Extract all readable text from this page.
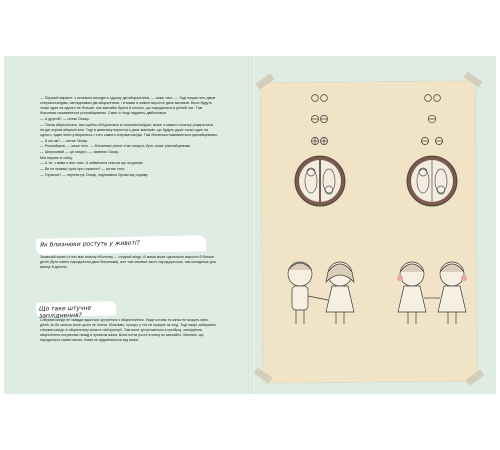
— Перший варіант: з печінкою виходить одразу дві яйцеклітини, — каже тато. — Тоді пощастить двом сперматозоїдам, запліднивши дві яйцеклітини, і в мами в животі виросте двоє малюків. Вони будуть схожі один на одного не більше, ніж звичайні брати й сестри, що народилися в різний час. Такі близнюки називаються різнояйцевими. Саме їх іноді надають двійнятами.

— А другий? — питає Оскар.

— Також яйцеклітина, яка щойно об'єдналася зі сперматозоїдом, може з самого початку розділитися на дві окремі яйцеклітини. Тоді в животику виростуть двоє малюків, що будуть дуже схожі один на одного, адже вони утворилися з того самого сперматозоїда. Такі близнюки називаються однояйцевими.

— А ми які? — питає Оскар.

— Різнояйцеві, — каже тато. — Близнюки різної статі можуть бути лише різнояйцевими.

— Шлунковий — це огидно, — заявляє Оскар.

Мія пирхає зі сміху.

— А ти, з вами я все таке. А займатися сексом ще огидніше.

— Ви не можеш чули про гормони? — питає тато.

— Гормони? — перепитує Оскар, піднімаючи брови від подиву.

Як близнюки ростуть у животі?
Зазвичай кожен із них має власну оболонку — плідний міхур. В мами може одночасно вирости й більше дітей (бути навіть народження двох близнюків), але такі малюки часто народжуються, там складніше для матері й дитини.
Що таке штучне запліднення?
Сперматозоїди не завжди вдається зустрітися з яйцеклітиною. Іноді чоловік та жінка не можуть мати дітей, як би сильно вони цього не хотіли. Можливо, процес у тілі не працює як слід. Тоді лікарі забирають сперматозоїди зі яйцеклітину жінки в лабораторії. Там вони зустрічаються в пробірці, запліднена яйцеклітина потрапляє назад в організм жінки. Вона потім росте в матці як звичайно. Малюки, що народилися таким чином, нічим не відрізняються від інших.
